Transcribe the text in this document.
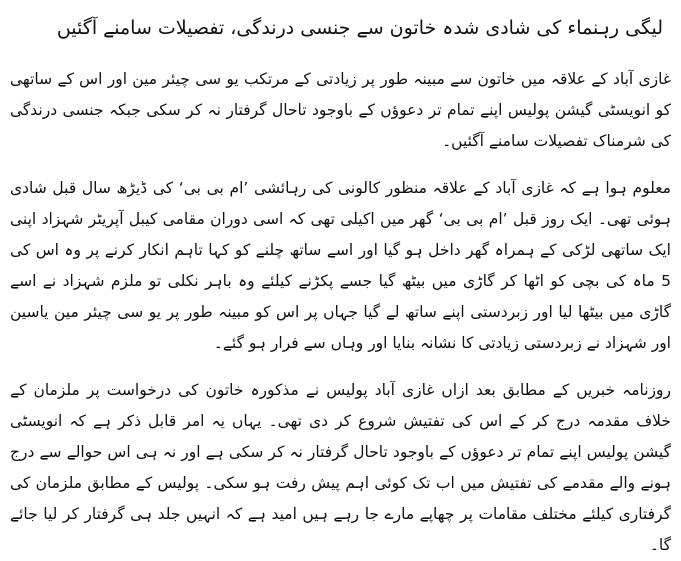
لیگی رہنماء کی شادی شدہ خاتون سے جنسی درندگی، تفصیلات سامنے آگئیں

غازی آباد کے علاقہ میں خاتون سے مبینہ طور پر زیادتی کے مرتکب یو سی چیئر مین اور اس کے ساتھی کو انویسٹی گیشن پولیس اپنے تمام تر دعوؤں کے باوجود تاحال گرفتار نہ کر سکی جبکہ جنسی درندگی کی شرمناک تفصیلات سامنے آگئیں۔

معلوم ہوا ہے کہ غازی آباد کے علاقہ منظور کالونی کی رہائشی ’ام بی بی‘ کی ڈیڑھ سال قبل شادی ہوئی تھی۔ ایک روز قبل ’ام بی بی‘ گھر میں اکیلی تھی کہ اسی دوران مقامی کیبل آپریٹر شہزاد اپنی ایک ساتھی لڑکی کے ہمراہ گھر داخل ہو گیا اور اسے ساتھ چلنے کو کہا تاہم انکار کرنے پر وہ اس کی 5 ماہ کی بچی کو اٹھا کر گاڑی میں بیٹھ گیا جسے پکڑنے کیلئے وہ باہر نکلی تو ملزم شہزاد نے اسے گاڑی میں بیٹھا لیا اور زبردستی اپنے ساتھ لے گیا جہاں پر اس کو مبینہ طور پر یو سی چیئر مین یاسین اور شہزاد نے زبردستی زیادتی کا نشانہ بنایا اور وہاں سے فرار ہو گئے۔

روزنامہ خبریں کے مطابق بعد ازاں غازی آباد پولیس نے مذکورہ خاتون کی درخواست پر ملزمان کے خلاف مقدمہ درج کر کے اس کی تفتیش شروع کر دی تھی۔ یہاں یہ امر قابل ذکر ہے کہ انویسٹی گیشن پولیس اپنے تمام تر دعوؤں کے باوجود تاحال گرفتار نہ کر سکی ہے اور نہ ہی اس حوالے سے درج ہونے والے مقدمے کی تفتیش میں اب تک کوئی اہم پیش رفت ہو سکی۔ پولیس کے مطابق ملزمان کی گرفتاری کیلئے مختلف مقامات پر چھاپے مارے جا رہے ہیں امید ہے کہ انہیں جلد ہی گرفتار کر لیا جائے گا۔
